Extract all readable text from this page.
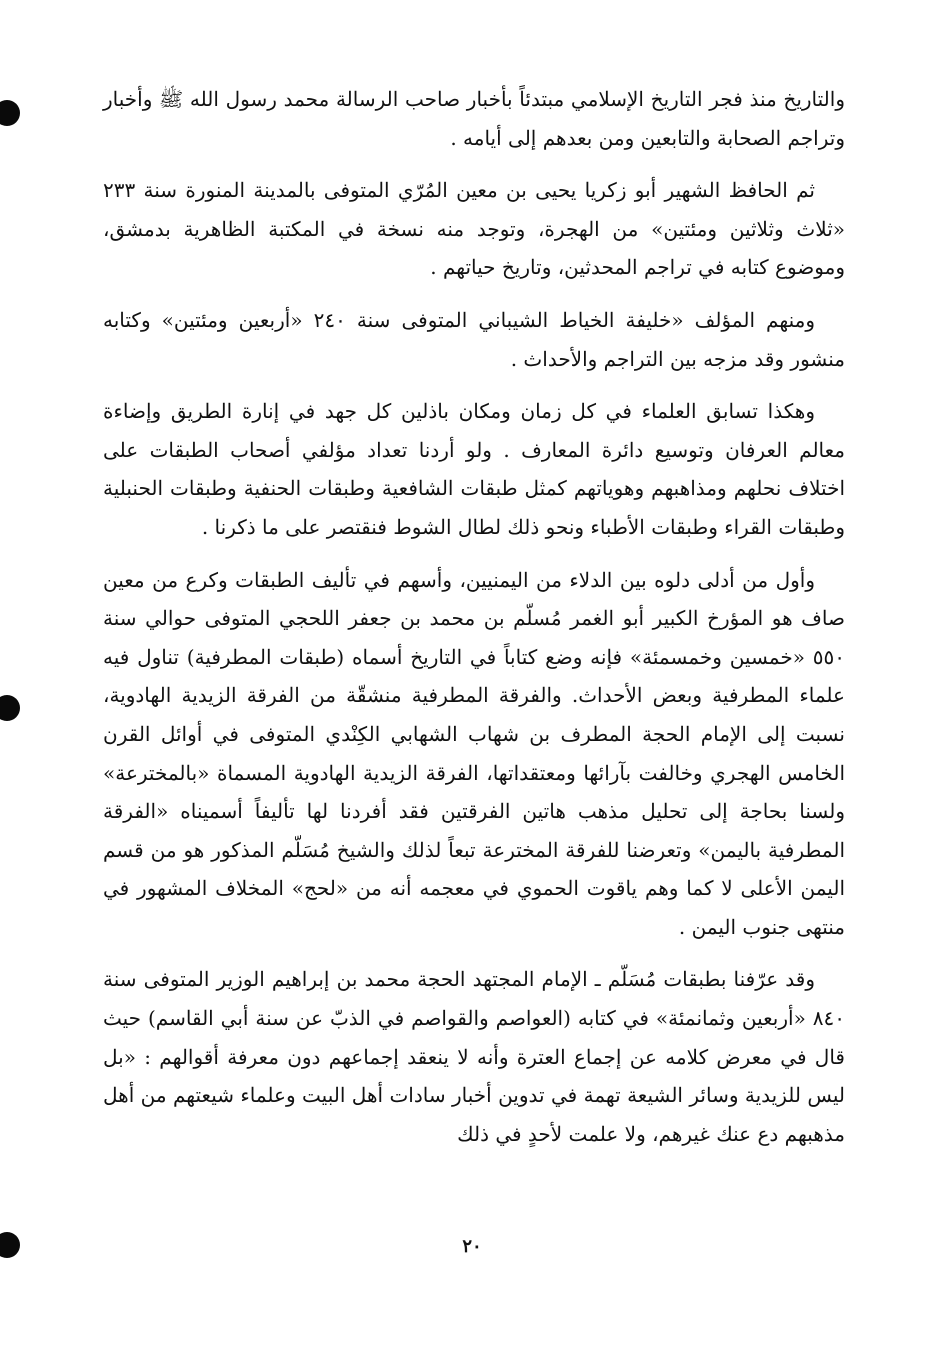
والتاريخ منذ فجر التاريخ الإسلامي مبتدئاً بأخبار صاحب الرسالة محمد رسول الله ﷺ وأخبار وتراجم الصحابة والتابعين ومن بعدهم إلى أيامه .

ثم الحافظ الشهير أبو زكريا يحيى بن معين المُرّي المتوفى بالمدينة المنورة سنة ٢٣٣ «ثلاث وثلاثين ومئتين» من الهجرة، وتوجد منه نسخة في المكتبة الظاهرية بدمشق، وموضوع كتابه في تراجم المحدثين، وتاريخ حياتهم .

ومنهم المؤلف «خليفة الخياط الشيباني المتوفى سنة ٢٤٠ «أربعين ومئتين» وكتابه منشور وقد مزجه بين التراجم والأحداث .

وهكذا تسابق العلماء في كل زمان ومكان باذلين كل جهد في إنارة الطريق وإضاءة معالم العرفان وتوسيع دائرة المعارف . ولو أردنا تعداد مؤلفي أصحاب الطبقات على اختلاف نحلهم ومذاهبهم وهوياتهم كمثل طبقات الشافعية وطبقات الحنفية وطبقات الحنبلية وطبقات القراء وطبقات الأطباء ونحو ذلك لطال الشوط فنقتصر على ما ذكرنا .

وأول من أدلى دلوه بين الدلاء من اليمنيين، وأسهم في تأليف الطبقات وكرع من معين صاف هو المؤرخ الكبير أبو الغمر مُسلّم بن محمد بن جعفر اللحجي المتوفى حوالي سنة ٥٥٠ «خمسين وخمسمئة» فإنه وضع كتاباً في التاريخ أسماه (طبقات المطرفية) تناول فيه علماء المطرفية وبعض الأحداث. والفرقة المطرفية منشقّة من الفرقة الزيدية الهادوية، نسبت إلى الإمام الحجة المطرف بن شهاب الشهابي الكِنْدي المتوفى في أوائل القرن الخامس الهجري وخالفت بآرائها ومعتقداتها، الفرقة الزيدية الهادوية المسماة «بالمخترعة» ولسنا بحاجة إلى تحليل مذهب هاتين الفرقتين فقد أفردنا لها تأليفاً أسميناه «الفرقة المطرفية باليمن» وتعرضنا للفرقة المخترعة تبعاً لذلك والشيخ مُسَلّم المذكور هو من قسم اليمن الأعلى لا كما وهم ياقوت الحموي في معجمه أنه من «لحج» المخلاف المشهور في منتهى جنوب اليمن .

وقد عرّفنا بطبقات مُسَلّم ـ الإمام المجتهد الحجة محمد بن إبراهيم الوزير المتوفى سنة ٨٤٠ «أربعين وثمانمئة» في كتابه (العواصم والقواصم في الذبّ عن سنة أبي القاسم) حيث قال في معرض كلامه عن إجماع العترة وأنه لا ينعقد إجماعهم دون معرفة أقوالهم : «بل ليس للزيدية وسائر الشيعة تهمة في تدوين أخبار سادات أهل البيت وعلماء شيعتهم من أهل مذهبهم دع عنك غيرهم، ولا علمت لأحدٍ في ذلك

٢٠
